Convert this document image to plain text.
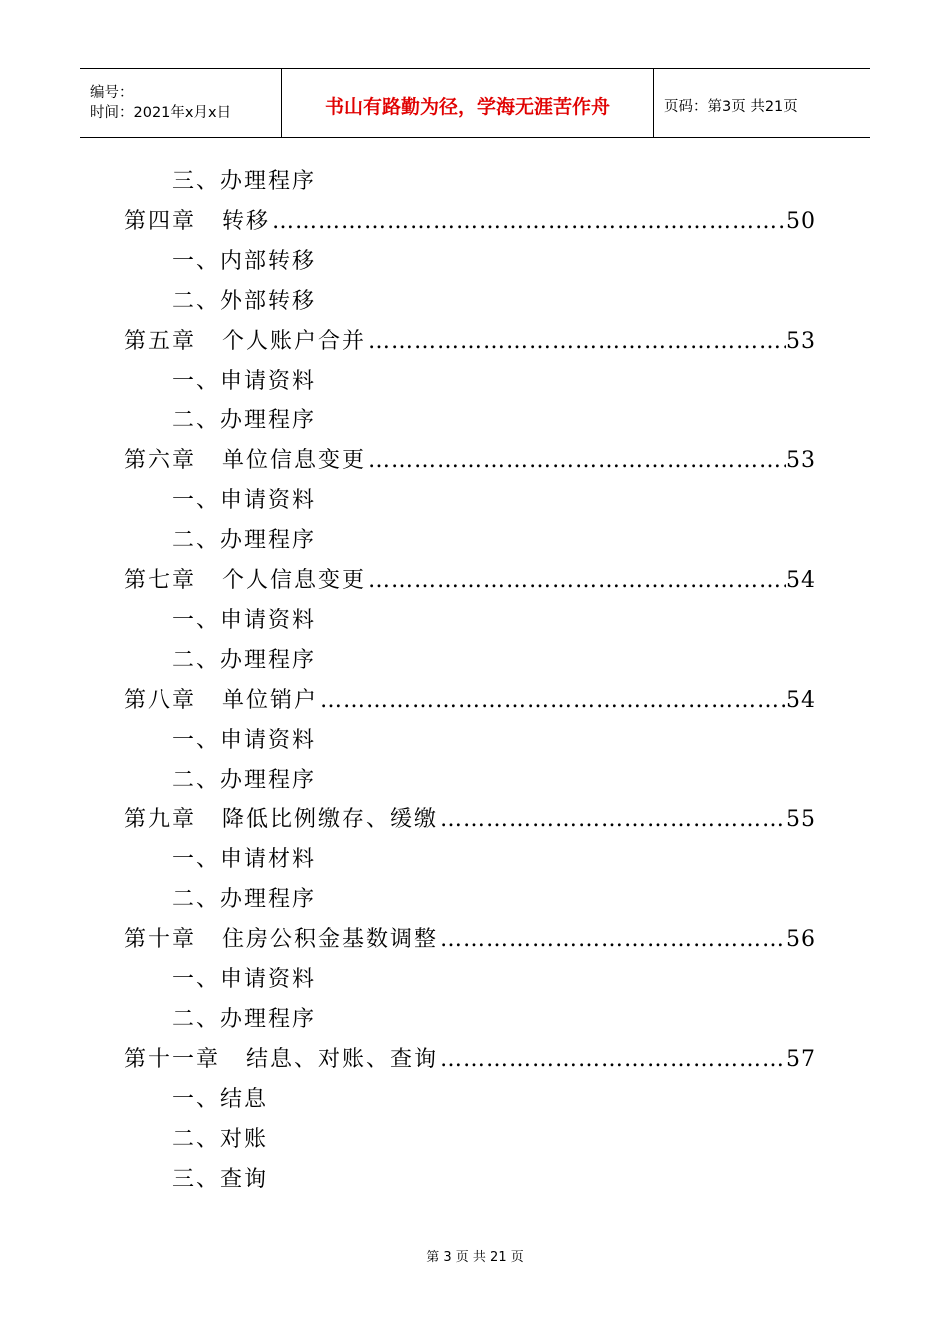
编号：
时间：2021年x月x日	书山有路勤为径，学海无涯苦作舟	页码：第3页 共21页
三、办理程序
第四章 转移 ……………………………………………………………………………………………………………………………………………………………………	50
一、内部转移
二、外部转移
第五章 个人账户合并 ……………………………………………………………………………………………………………………………………………………………………	53
一、申请资料
二、办理程序
第六章 单位信息变更 ……………………………………………………………………………………………………………………………………………………………………	53
一、申请资料
二、办理程序
第七章 个人信息变更 ……………………………………………………………………………………………………………………………………………………………………	54
一、申请资料
二、办理程序
第八章 单位销户 ……………………………………………………………………………………………………………………………………………………………………	54
一、申请资料
二、办理程序
第九章 降低比例缴存、缓缴 ……………………………………………………………………………………………………………………………………………………………………	55
一、申请材料
二、办理程序
第十章 住房公积金基数调整 ……………………………………………………………………………………………………………………………………………………………………	56
一、申请资料
二、办理程序
第十一章 结息、对账、查询 ……………………………………………………………………………………………………………………………………………………………………	57
一、结息
二、对账
三、查询
第 3 页 共 21 页
